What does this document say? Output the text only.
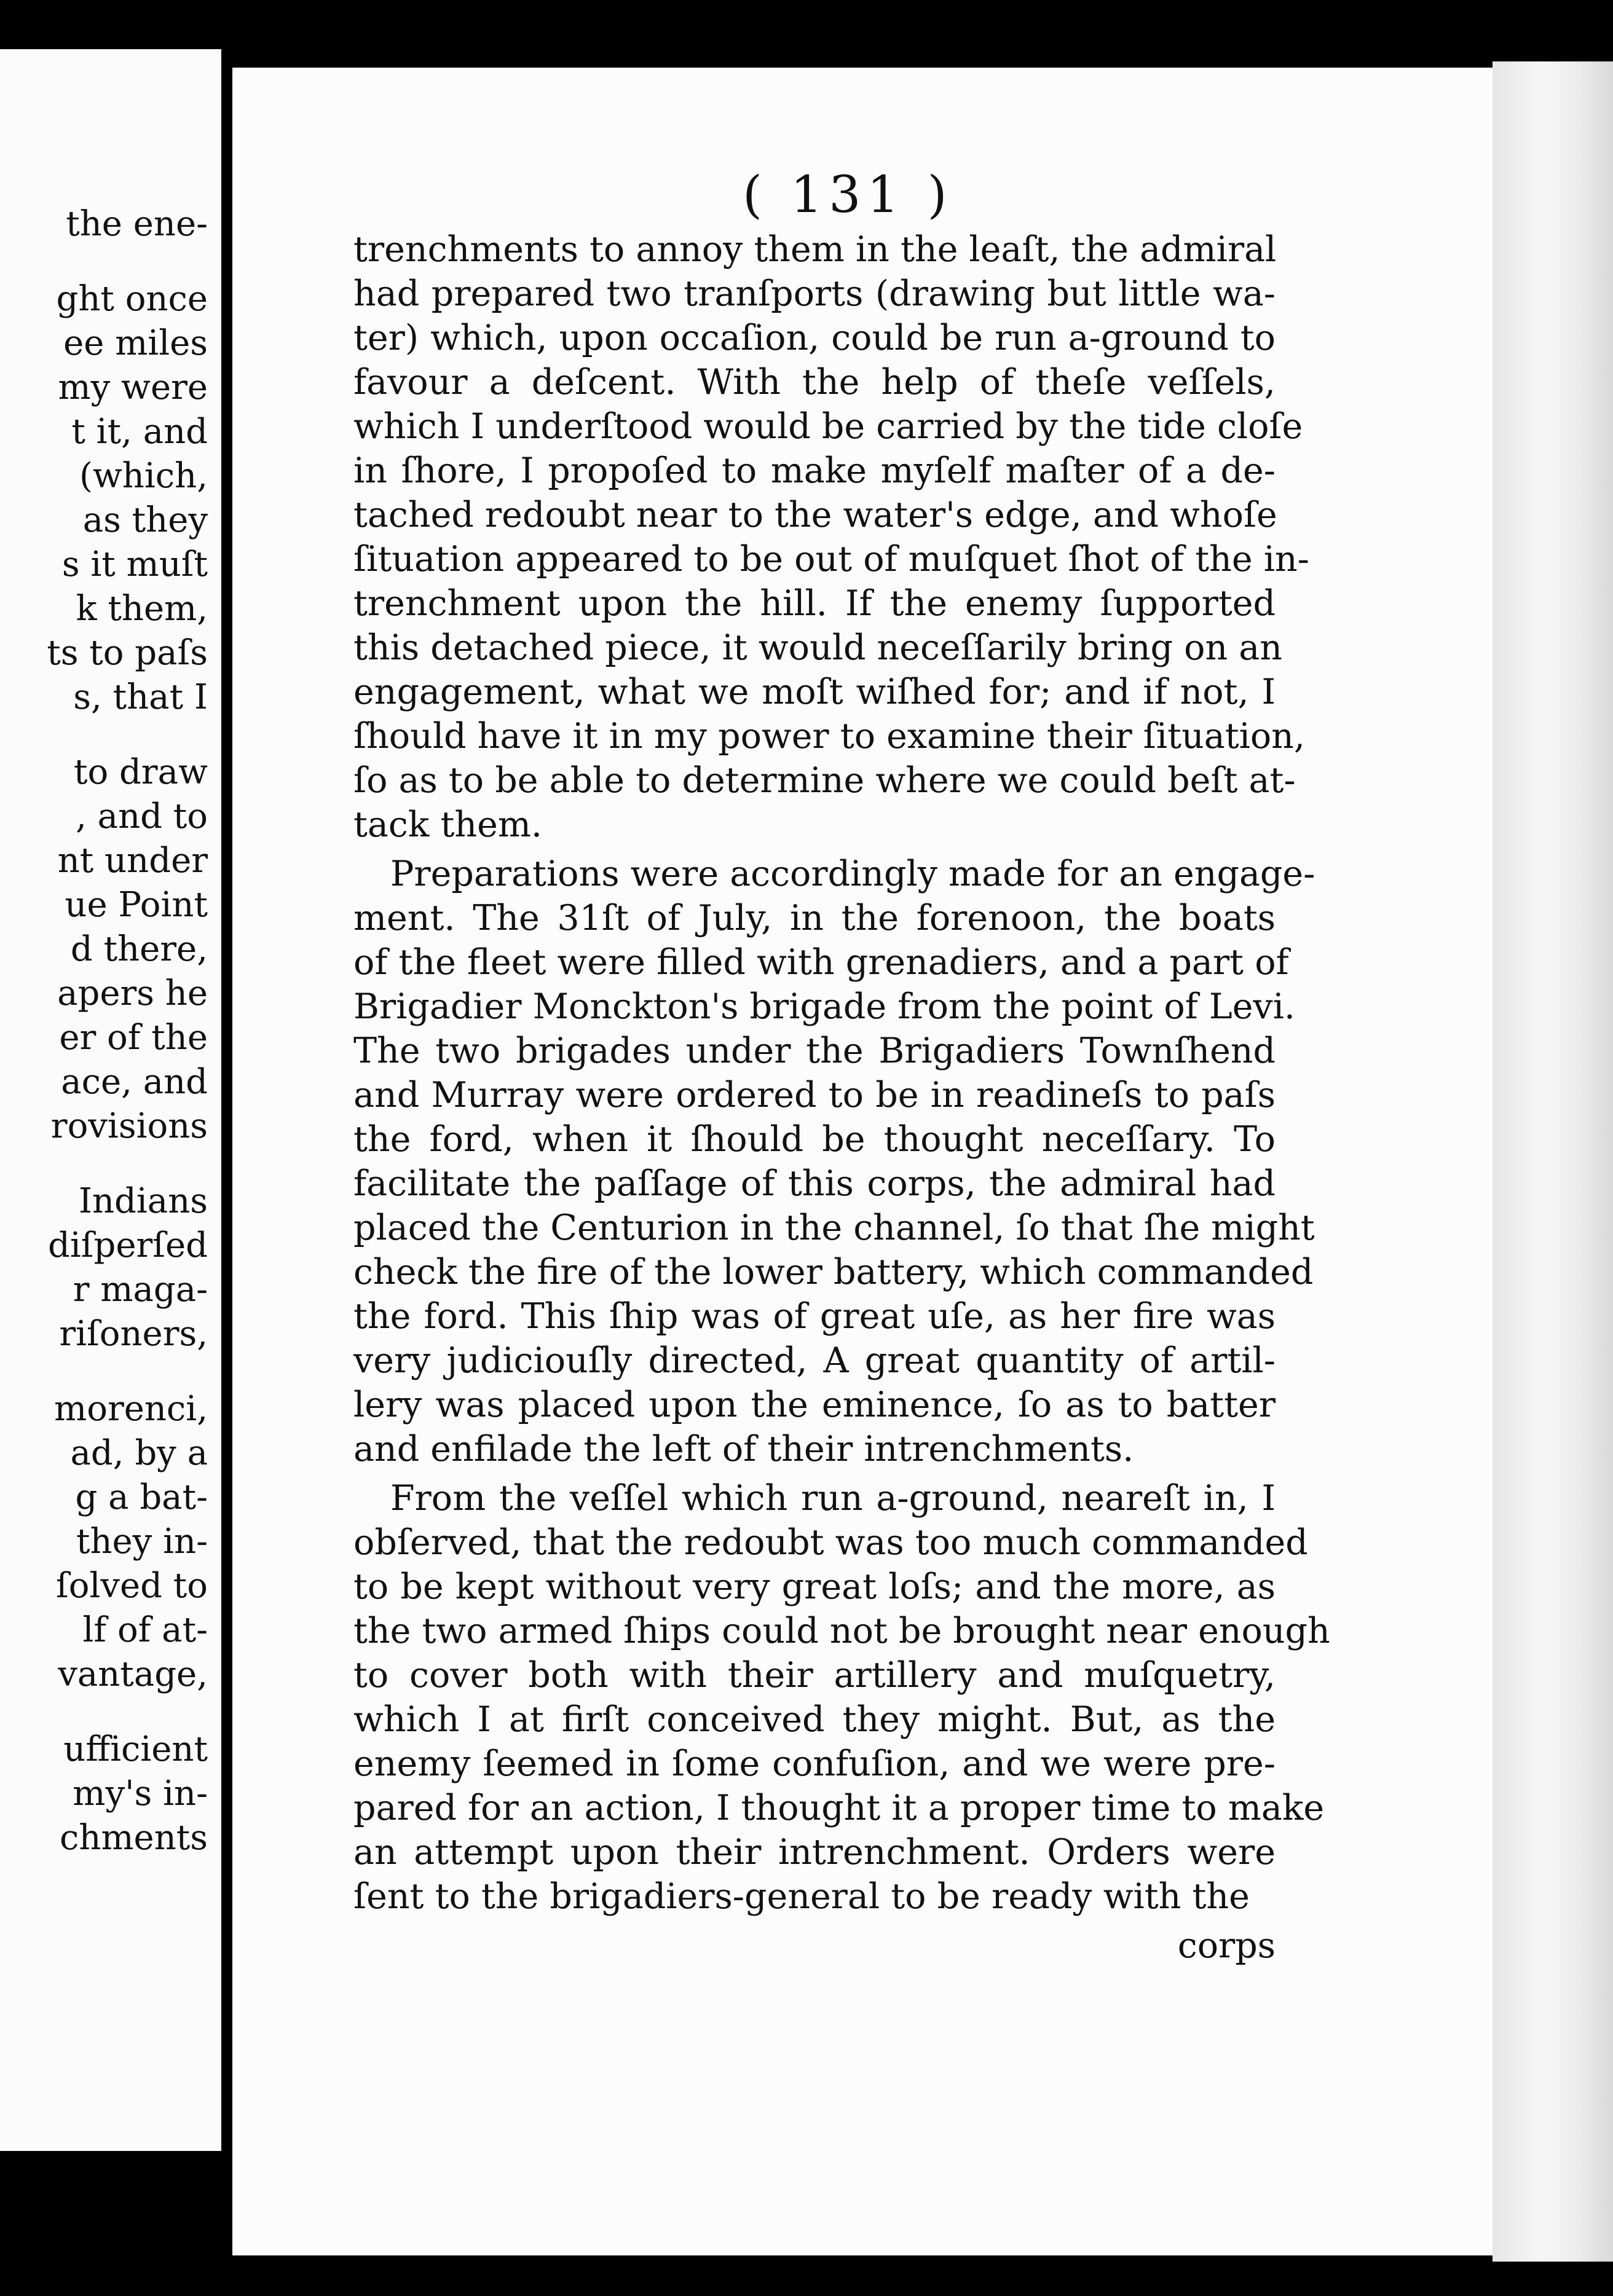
the ene-
ght once
ee miles
my were
t it, and
(which,
as they
s it muſt
k them,
ts to paſs
s, that I
to draw
, and to
nt under
ue Point
d there,
apers he
er of the
ace, and
rovisions
Indians
diſperſed
r maga-
riſoners,
morenci,
ad, by a
g a bat-
they in-
ſolved to
lf of at-
vantage,
ufficient
my's in-
chments
( 131 )
trenchments to annoy them in the leaſt, the admiral
had prepared two tranſports (drawing but little wa-
ter) which, upon occaſion, could be run a-ground to
favour a deſcent. With the help of theſe veſſels,
which I underſtood would be carried by the tide cloſe
in ſhore, I propoſed to make myſelf maſter of a de-
tached redoubt near to the water's edge, and whoſe
ſituation appeared to be out of muſquet ſhot of the in-
trenchment upon the hill. If the enemy ſupported
this detached piece, it would neceſſarily bring on an
engagement, what we moſt wiſhed for; and if not, I
ſhould have it in my power to examine their ſituation,
ſo as to be able to determine where we could beſt at-
tack them.
Preparations were accordingly made for an engage-
ment. The 31ſt of July, in the forenoon, the boats
of the fleet were filled with grenadiers, and a part of
Brigadier Monckton's brigade from the point of Levi.
The two brigades under the Brigadiers Townſhend
and Murray were ordered to be in readineſs to paſs
the ford, when it ſhould be thought neceſſary. To
facilitate the paſſage of this corps, the admiral had
placed the Centurion in the channel, ſo that ſhe might
check the fire of the lower battery, which commanded
the ford. This ſhip was of great uſe, as her fire was
very judiciouſly directed, A great quantity of artil-
lery was placed upon the eminence, ſo as to batter
and enfilade the left of their intrenchments.
From the veſſel which run a-ground, neareſt in, I
obſerved, that the redoubt was too much commanded
to be kept without very great loſs; and the more, as
the two armed ſhips could not be brought near enough
to cover both with their artillery and muſquetry,
which I at firſt conceived they might. But, as the
enemy ſeemed in ſome confuſion, and we were pre-
pared for an action, I thought it a proper time to make
an attempt upon their intrenchment. Orders were
ſent to the brigadiers-general to be ready with the
corps
